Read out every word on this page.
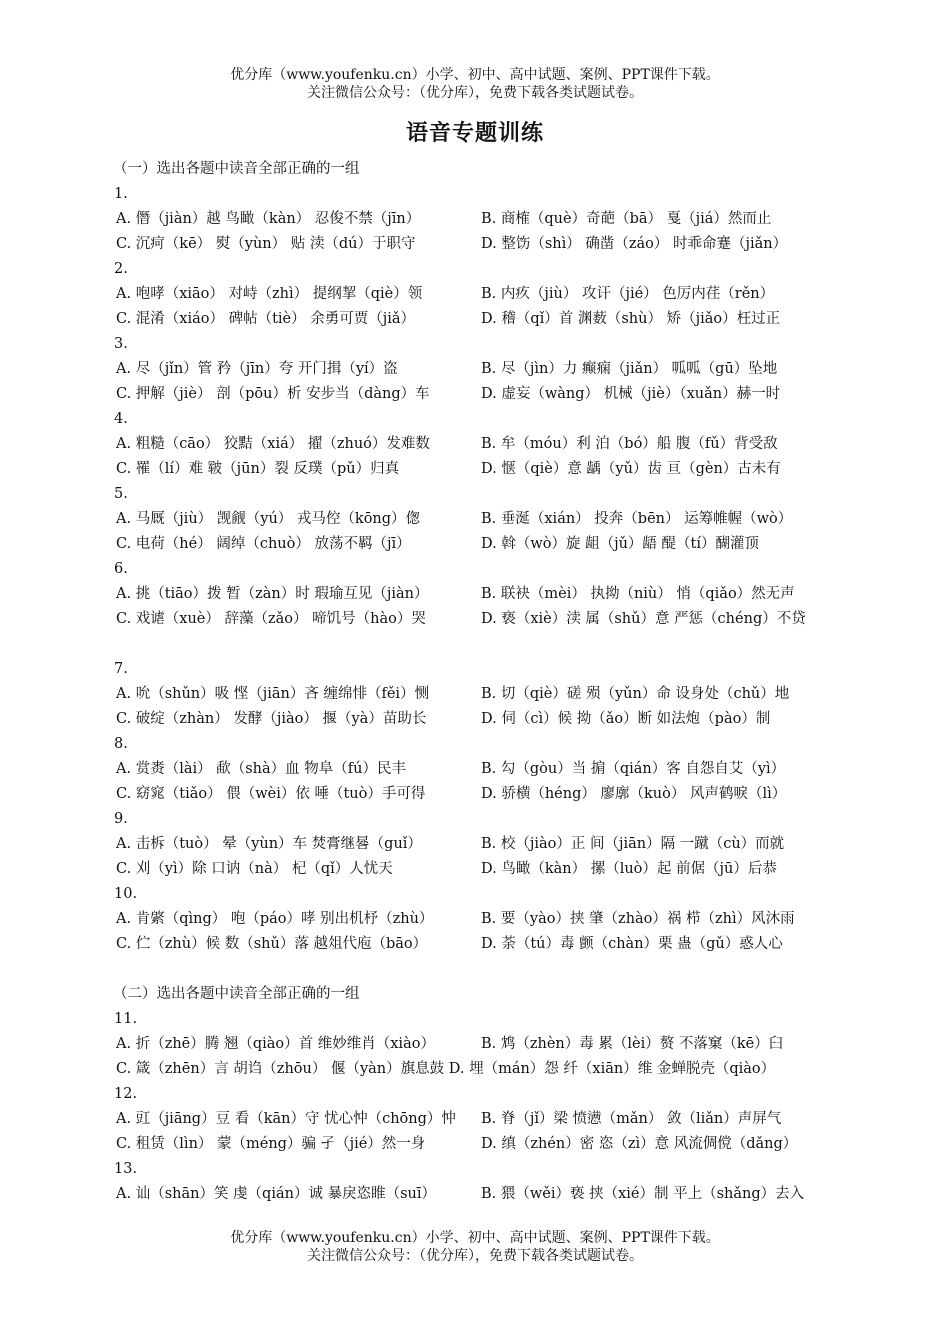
优分库（www.youfenku.cn）小学、初中、高中试题、案例、PPT课件下载。
关注微信公众号：（优分库），免费下载各类试题试卷。
语音专题训练
（一）选出各题中读音全部正确的一组
1.
A. 僭（jiàn）越 鸟瞰（kàn） 忍俊不禁（jīn）	B. 商榷（què）奇葩（bā） 戛（jiá）然而止
C. 沉疴（kē） 熨（yùn） 贴 渎（dú）于职守	D. 整饬（shì） 确凿（záo） 时乖命蹇（jiǎn）
2.
A. 咆哮（xiāo） 对峙（zhì） 提纲挈（qiè）领	B. 内疚（jiù） 攻讦（jié） 色厉内荏（rěn）
C. 混淆（xiáo） 碑帖（tiè） 余勇可贾（jiǎ）	D. 稽（qǐ）首 渊薮（shù） 矫（jiǎo）枉过正
3.
A. 尽（jǐn）管 矜（jīn）夸 开门揖（yí）盗	B. 尽（jìn）力 癫痫（jiǎn） 呱呱（gū）坠地
C. 押解（jiè） 剖（pōu）析 安步当（dàng）车	D. 虚妄（wàng） 机械（jiè）（xuǎn）赫一时
4.
A. 粗糙（cāo） 狡黠（xiá） 擢（zhuó）发难数	B. 牟（móu）利 泊（bó）船 腹（fǔ）背受敌
C. 罹（lí）难 皲（jūn）裂 反璞（pǔ）归真	D. 惬（qiè）意 龋（yǔ）齿 亘（gèn）古未有
5.
A. 马厩（jiù） 觊觎（yú） 戎马倥（kōng）偬	B. 垂涎（xián） 投奔（bēn） 运筹帷幄（wò）
C. 电荷（hé） 阔绰（chuò） 放荡不羁（jī）	D. 斡（wò）旋 龃（jǔ）龉 醍（tí）醐灌顶
6.
A. 挑（tiāo）拨 暂（zàn）时 瑕瑜互见（jiàn）	B. 联袂（mèi） 执拗（niù） 悄（qiǎo）然无声
C. 戏谑（xuè） 辞藻（zǎo） 啼饥号（hào）哭	D. 亵（xiè）渎 属（shǔ）意 严惩（chéng）不贷
7.
A. 吮（shǔn）吸 悭（jiān）吝 缠绵悱（fěi）恻	B. 切（qiè）磋 殒（yǔn）命 设身处（chǔ）地
C. 破绽（zhàn） 发酵（jiào） 揠（yà）苗助长	D. 伺（cì）候 拗（ǎo）断 如法炮（pào）制
8.
A. 赏赉（lài） 歃（shà）血 物阜（fú）民丰	B. 勾（gòu）当 掮（qián）客 自怨自艾（yì）
C. 窈窕（tiǎo） 偎（wèi）依 唾（tuò）手可得	D. 骄横（héng） 廖廓（kuò） 风声鹤唳（lì）
9.
A. 击柝（tuò） 晕（yùn）车 焚膏继晷（guǐ）	B. 校（jiào）正 间（jiān）隔 一蹴（cù）而就
C. 刈（yì）除 口讷（nà） 杞（qǐ）人忧天	D. 鸟瞰（kàn） 摞（luò）起 前倨（jū）后恭
10.
A. 肯綮（qìng） 咆（páo）哮 别出机杼（zhù）	B. 要（yào）挟 肇（zhào）祸 栉（zhì）风沐雨
C. 伫（zhù）候 数（shǔ）落 越俎代庖（bāo）	D. 荼（tú）毒 颤（chàn）栗 蛊（gǔ）惑人心
（二）选出各题中读音全部正确的一组
11.
A. 折（zhē）腾 翘（qiào）首 维妙维肖（xiào）	B. 鸩（zhèn）毒 累（lèi）赘 不落窠（kē）臼
C. 箴（zhēn）言 胡诌（zhōu） 偃（yàn）旗息鼓 D. 埋（mán）怨 纤（xiān）维 金蝉脱壳（qiào）
12.
A. 豇（jiāng）豆 看（kān）守 忧心忡（chōng）忡 B. 脊（jǐ）梁 愤懑（mǎn） 敛（liǎn）声屏气
C. 租赁（lìn） 蒙（méng）骗 孑（jié）然一身	D. 缜（zhén）密 恣（zì）意 风流倜傥（dǎng）
13.
A. 讪（shān）笑 虔（qián）诚 暴戾恣睢（suī）	B. 猥（wěi）亵 挟（xié）制 平上（shǎng）去入
优分库（www.youfenku.cn）小学、初中、高中试题、案例、PPT课件下载。
关注微信公众号：（优分库），免费下载各类试题试卷。
